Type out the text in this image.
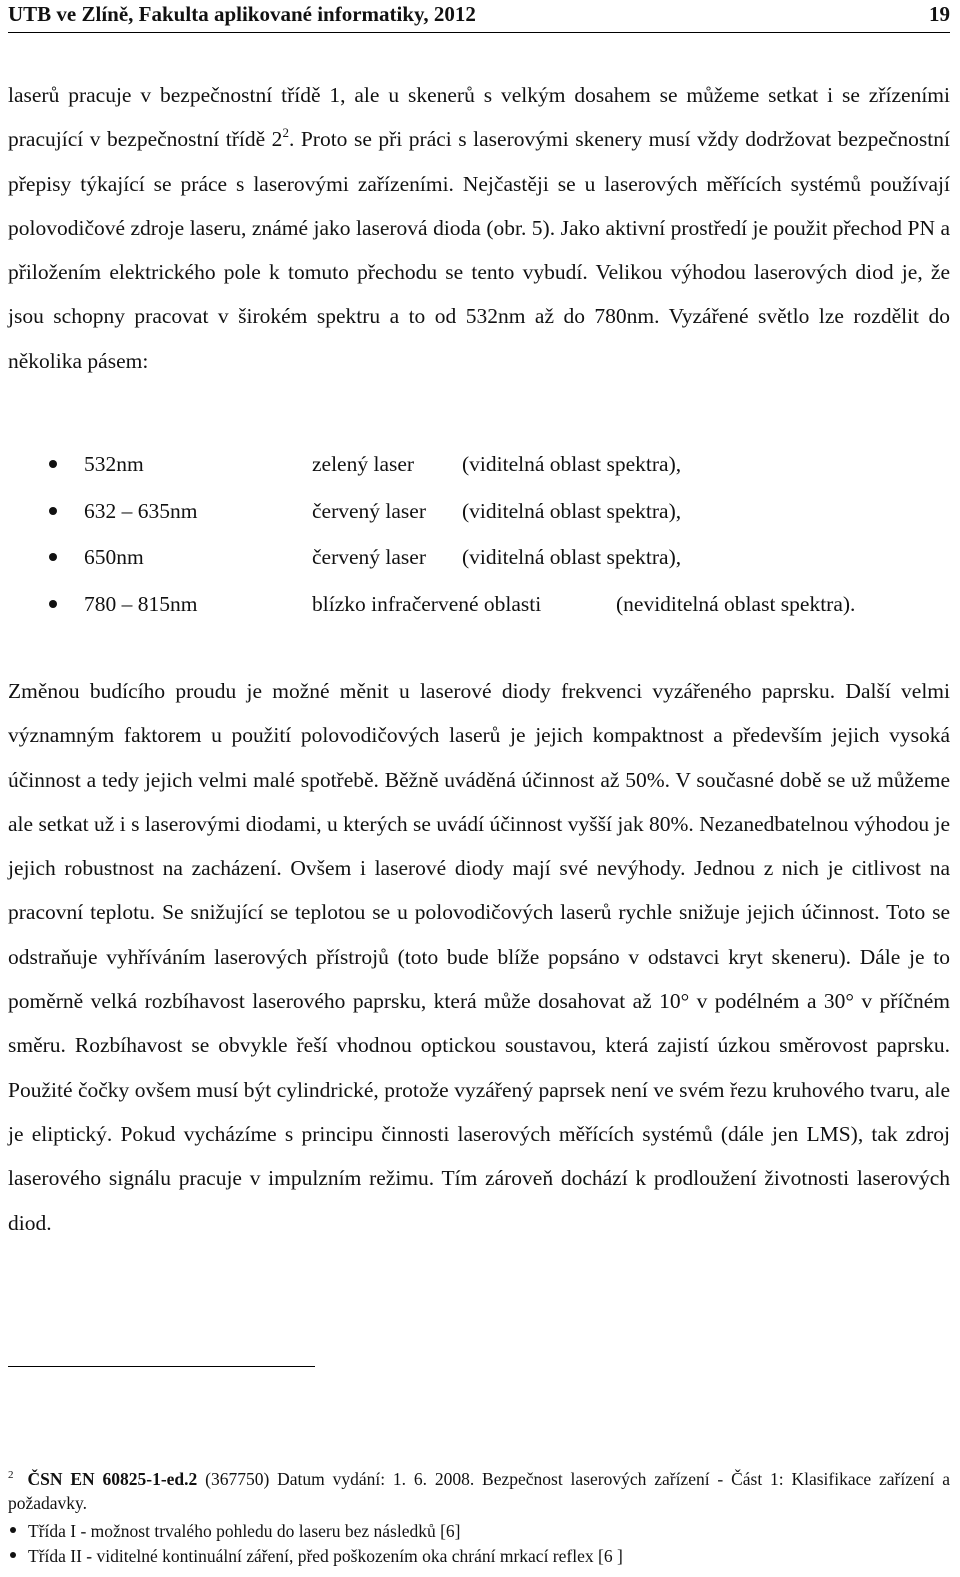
UTB ve Zlíně, Fakulta aplikované informatiky, 2012	19

laserů pracuje v bezpečnostní třídě 1, ale u skenerů s velkým dosahem se můžeme setkat i se zřízeními pracující v bezpečnostní třídě $2^2$. Proto se při práci s laserovými skenery musí vždy dodržovat bezpečnostní přepisy týkající se práce s laserovými zařízeními. Nejčastěji se u laserových měřících systémů používají polovodičové zdroje laseru, známé jako laserová dioda (obr. 5). Jako aktivní prostředí je použit přechod PN a přiložením elektrického pole k tomuto přechodu se tento vybudí. Velikou výhodou laserových diod je, že jsou schopny pracovat v širokém spektru a to od 532nm až do 780nm. Vyzářené světlo lze rozdělit do několika pásem:

532nm	zelený laser (viditelná oblast spektra),
632 – 635nm	červený laser (viditelná oblast spektra),
650nm	červený laser (viditelná oblast spektra),
780 – 815nm	blízko infračervené oblasti	(neviditelná oblast spektra).

Změnou budícího proudu je možné měnit u laserové diody frekvenci vyzářeného paprsku. Další velmi významným faktorem u použití polovodičových laserů je jejich kompaktnost a především jejich vysoká účinnost a tedy jejich velmi malé spotřebě. Běžně uváděná účinnost až 50%. V současné době se už můžeme ale setkat už i s laserovými diodami, u kterých se uvádí účinnost vyšší jak 80%. Nezanedbatelnou výhodou je jejich robustnost na zacházení. Ovšem i laserové diody mají své nevýhody. Jednou z nich je citlivost na pracovní teplotu. Se snižující se teplotou se u polovodičových laserů rychle snižuje jejich účinnost. Toto se odstraňuje vyhříváním laserových přístrojů (toto bude blíže popsáno v odstavci kryt skeneru). Dále je to poměrně velká rozbíhavost laserového paprsku, která může dosahovat až 10° v podélném a 30° v příčném směru. Rozbíhavost se obvykle řeší vhodnou optickou soustavou, která zajistí úzkou směrovost paprsku. Použité čočky ovšem musí být cylindrické, protože vyzářený paprsek není ve svém řezu kruhového tvaru, ale je eliptický. Pokud vycházíme s principu činnosti laserových měřících systémů (dále jen LMS), tak zdroj laserového signálu pracuje v impulzním režimu. Tím zároveň dochází k prodloužení životnosti laserových diod.

$^2$ ČSN EN 60825-1-ed.2 (367750) Datum vydání: 1. 6. 2008. Bezpečnost laserových zařízení - Část 1: Klasifikace zařízení a požadavky.

Třída I - možnost trvalého pohledu do laseru bez následků [6]
Třída II - viditelné kontinuální záření, před poškozením oka chrání mrkací reflex [6 ]
